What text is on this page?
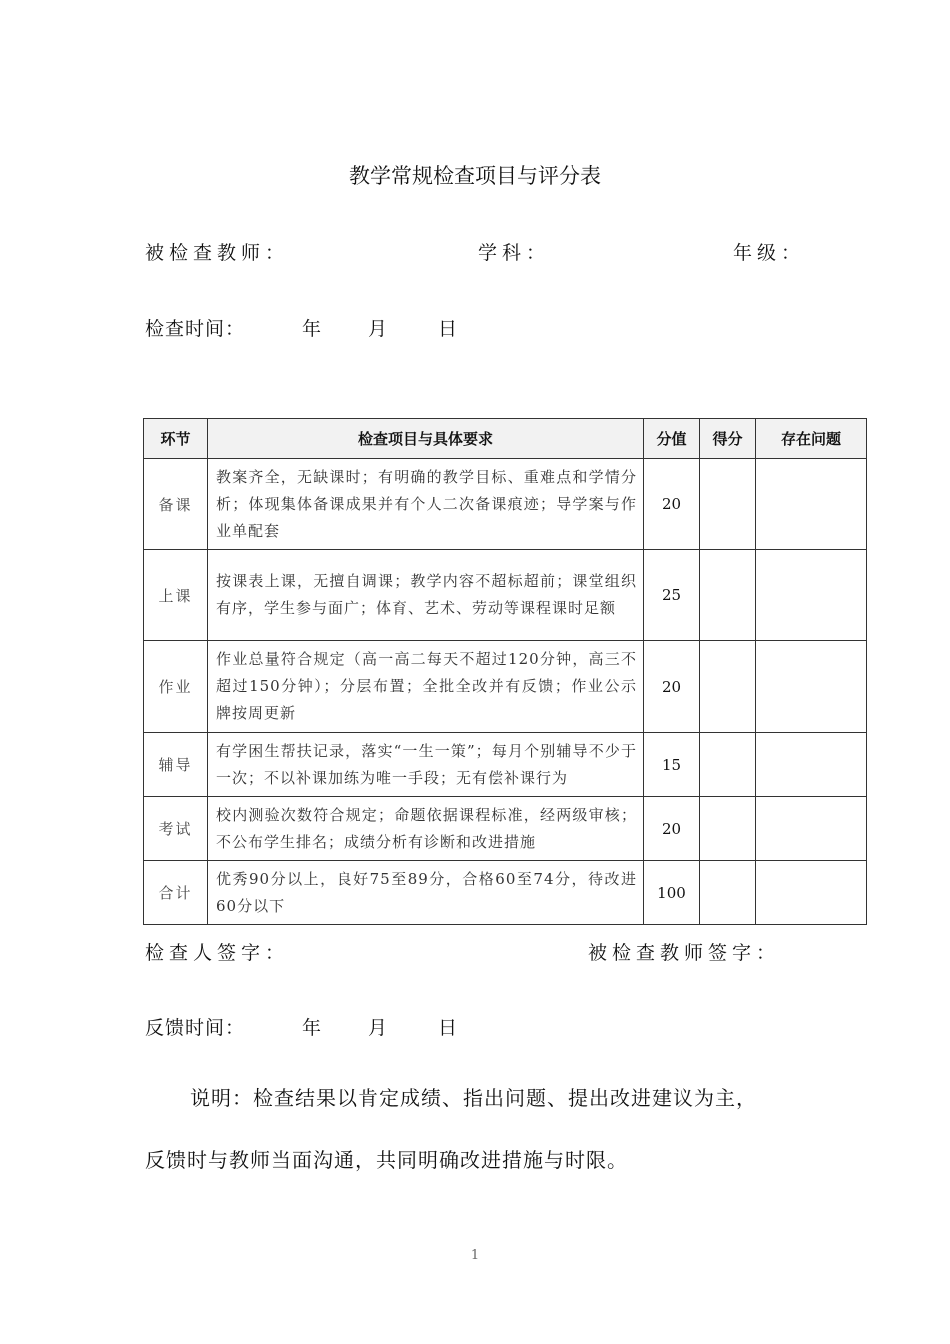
教学常规检查项目与评分表
被检查教师：	学科：	年级：
检查时间：	年 月	日
环节	检查项目与具体要求	分值	得分	存在问题
备课	教案齐全，无缺课时；有明确的教学目标、重难点和学情分析；体现集体备课成果并有个人二次备课痕迹；导学案与作业单配套	20		
上课	按课表上课，无擅自调课；教学内容不超标超前；课堂组织有序，学生参与面广；体育、艺术、劳动等课程课时足额	25		
作业	作业总量符合规定（高一高二每天不超过120分钟，高三不超过150分钟）；分层布置；全批全改并有反馈；作业公示牌按周更新	20		
辅导	有学困生帮扶记录，落实“一生一策”；每月个别辅导不少于一次；不以补课加练为唯一手段；无有偿补课行为	15		
考试	校内测验次数符合规定；命题依据课程标准，经两级审核；不公布学生排名；成绩分析有诊断和改进措施	20		
合计	优秀90分以上，良好75至89分，合格60至74分，待改进60分以下	100		
检查人签字：	被检查教师签字：
反馈时间：	年 月	日
说明：检查结果以肯定成绩、指出问题、提出改进建议为主，
反馈时与教师当面沟通，共同明确改进措施与时限。
1
